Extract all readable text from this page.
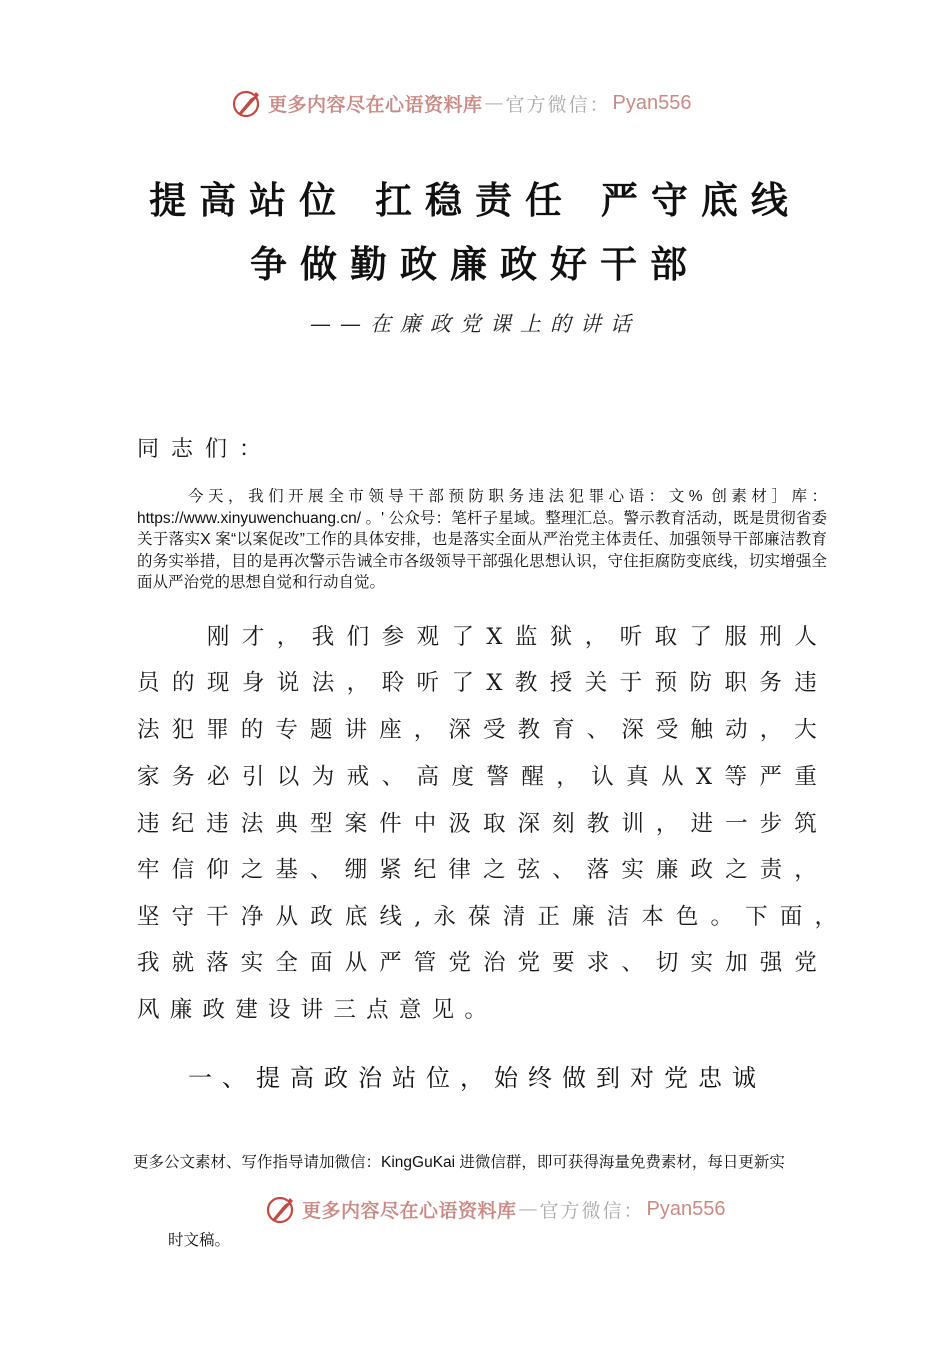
更多内容尽在心语资料库 — 官方微信： Pyan556
提高站位 扛稳责任 严守底线
争做勤政廉政好干部
——在廉政党课上的讲话
同志们：
今天，我们开展全市领导干部预防职务违法犯罪心语：文% 创素材］库：https://www.xinyuwenchuang.cn/ 。' 公众号：笔杆子星域。整理汇总。警示教育活动，既是贯彻省委关于落实X 案“以案促改”工作的具体安排，也是落实全面从严治党主体责任、加强领导干部廉洁教育的务实举措，目的是再次警示告诫全市各级领导干部强化思想认识，守住拒腐防变底线，切实增强全面从严治党的思想自觉和行动自觉。

刚 才 ， 我 们 参 观 了 X 监 狱 ， 听 取 了 服 刑 人
员 的 现 身 说 法 ， 聆 听 了 X 教 授 关 于 预 防 职 务 违
法 犯 罪 的 专 题 讲 座 ， 深 受 教 育 、 深 受 触 动 ， 大
家 务 必 引 以 为 戒 、 高 度 警 醒 ， 认 真 从 X 等 严 重
违 纪 违 法 典 型 案 件 中 汲 取 深 刻 教 训 ， 进 一 步 筑
牢 信 仰 之 基 、 绷 紧 纪 律 之 弦 、 落 实 廉 政 之 责 ，
坚 守 干 净 从 政 底 线 , 永 葆 清 正 廉 洁 本 色 。 下 面 ，
我 就 落 实 全 面 从 严 管 党 治 党 要 求 、 切 实 加 强 党
风 廉 政 建 设 讲 三 点 意 见 。
一、提高政治站位，始终做到对党忠诚
更多公文素材、写作指导请加微信：KingGuKai 进微信群，即可获得海量免费素材，每日更新实
更多内容尽在心语资料库 — 官方微信： Pyan556
时文稿。
